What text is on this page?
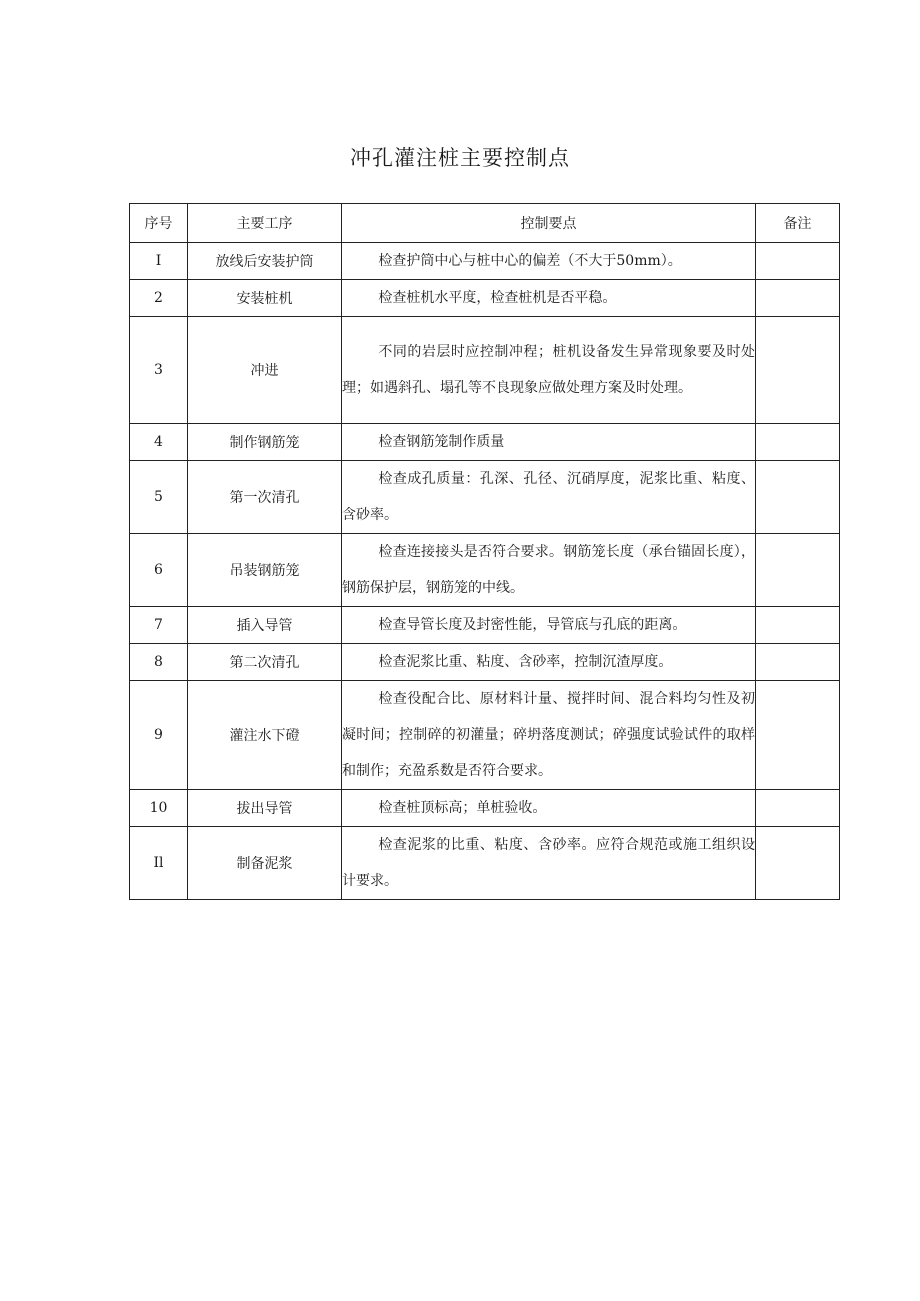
冲孔灌注桩主要控制点
序号	主要工序	控制要点	备注
I	放线后安装护筒	检查护筒中心与桩中心的偏差（不大于50mm）。	

2	安装桩机	检查桩机水平度，检查桩机是否平稳。	

3	冲进	不同的岩层时应控制冲程；桩机设备发生异常现象要及时处理；如遇斜孔、塌孔等不良现象应做处理方案及时处理。	

4	制作钢筋笼	检查钢筋笼制作质量	

5	第一次清孔	检查成孔质量：孔深、孔径、沉硝厚度，泥浆比重、粘度、含砂率。	

6	吊装钢筋笼	检查连接接头是否符合要求。钢筋笼长度（承台锚固长度），钢筋保护层，钢筋笼的中线。	

7	插入导管	检查导管长度及封密性能，导管底与孔底的距离。	

8	第二次清孔	检查泥浆比重、粘度、含砂率，控制沉渣厚度。	

9	灌注水下磴	检查役配合比、原材料计量、搅拌时间、混合料均匀性及初凝时间；控制碎的初灌量；碎坍落度测试；碎强度试验试件的取样和制作；充盈系数是否符合要求。	

10	拔出导管	检查桩顶标高；单桩验收。	

Il	制备泥浆	检查泥浆的比重、粘度、含砂率。应符合规范或施工组织设计要求。	
